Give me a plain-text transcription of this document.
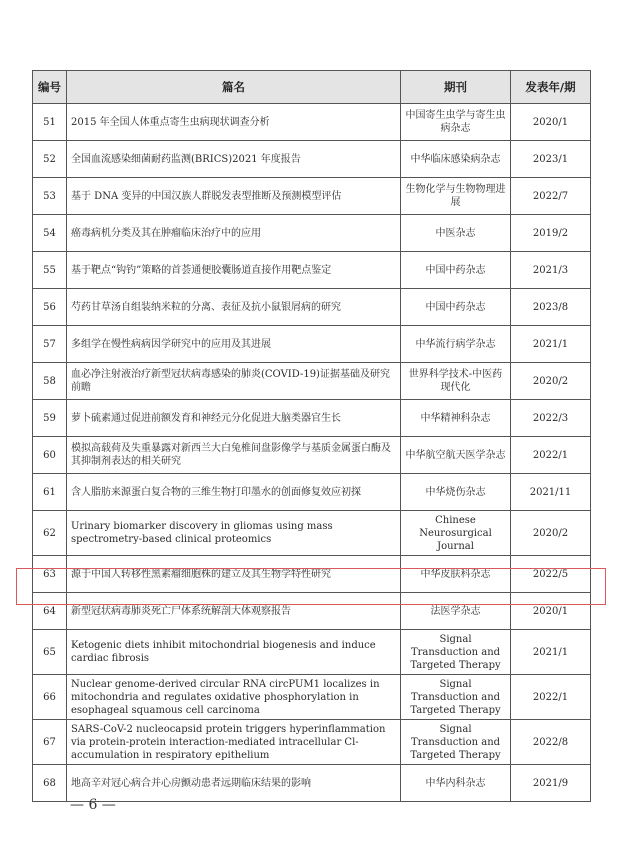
编号	篇名	期刊	发表年/期
51	2015 年全国人体重点寄生虫病现状调查分析	中国寄生虫学与寄生虫病杂志	2020/1
52	全国血流感染细菌耐药监测(BRICS)2021 年度报告	中华临床感染病杂志	2023/1
53	基于 DNA 变异的中国汉族人群脱发表型推断及预测模型评估	生物化学与生物物理进展	2022/7
54	癌毒病机分类及其在肿瘤临床治疗中的应用	中医杂志	2019/2
55	基于靶点“钩钓”策略的首荟通便胶囊肠道直接作用靶点鉴定	中国中药杂志	2021/3
56	芍药甘草汤自组装纳米粒的分离、表征及抗小鼠银屑病的研究	中国中药杂志	2023/8
57	多组学在慢性病病因学研究中的应用及其进展	中华流行病学杂志	2021/1
58	血必净注射液治疗新型冠状病毒感染的肺炎(COVID-19)证据基础及研究前瞻	世界科学技术-中医药现代化	2020/2
59	萝卜硫素通过促进前额发育和神经元分化促进大脑类器官生长	中华精神科杂志	2022/3
60	模拟高载荷及失重暴露对新西兰大白兔椎间盘影像学与基质金属蛋白酶及其抑制剂表达的相关研究	中华航空航天医学杂志	2022/1
61	含人脂肪来源蛋白复合物的三维生物打印墨水的创面修复效应初探	中华烧伤杂志	2021/11
62	Urinary biomarker discovery in gliomas using mass spectrometry-based clinical proteomics	Chinese Neurosurgical Journal	2020/2
63	源于中国人转移性黑素瘤细胞株的建立及其生物学特性研究	中华皮肤科杂志	2022/5
64	新型冠状病毒肺炎死亡尸体系统解剖大体观察报告	法医学杂志	2020/1
65	Ketogenic diets inhibit mitochondrial biogenesis and induce cardiac fibrosis	Signal Transduction and Targeted Therapy	2021/1
66	Nuclear genome-derived circular RNA circPUM1 localizes in mitochondria and regulates oxidative phosphorylation in esophageal squamous cell carcinoma	Signal Transduction and Targeted Therapy	2022/1
67	SARS-CoV-2 nucleocapsid protein triggers hyperinflammation via protein-protein interaction-mediated intracellular Cl- accumulation in respiratory epithelium	Signal Transduction and Targeted Therapy	2022/8
68	地高辛对冠心病合并心房颤动患者远期临床结果的影响	中华内科杂志	2021/9
— 6 —
